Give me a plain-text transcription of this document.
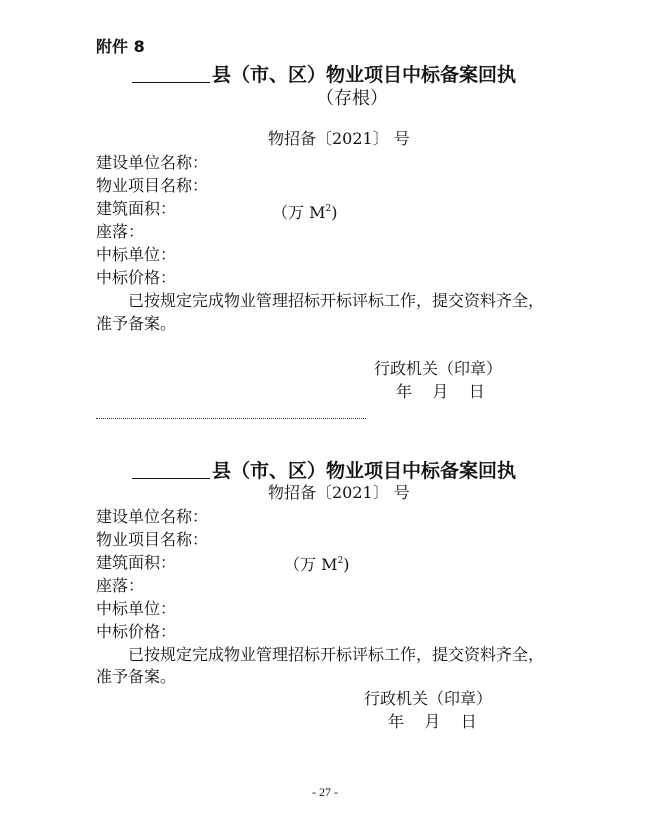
附件 8
县（市、区）物业项目中标备案回执
（存根）
物招备〔2021〕 号
建设单位名称：
物业项目名称：
建筑面积：	（万 $M^2$)
座落：
中标单位：
中标价格：
已按规定完成物业管理招标开标评标工作，提交资料齐全，
准予备案。
行政机关（印章）
年    月    日
县（市、区）物业项目中标备案回执
物招备〔2021〕 号
建设单位名称：
物业项目名称：
建筑面积：	（万 $M^2$)
座落：
中标单位：
中标价格：
已按规定完成物业管理招标开标评标工作，提交资料齐全，
准予备案。
行政机关（印章）
年    月    日
- 27 -
